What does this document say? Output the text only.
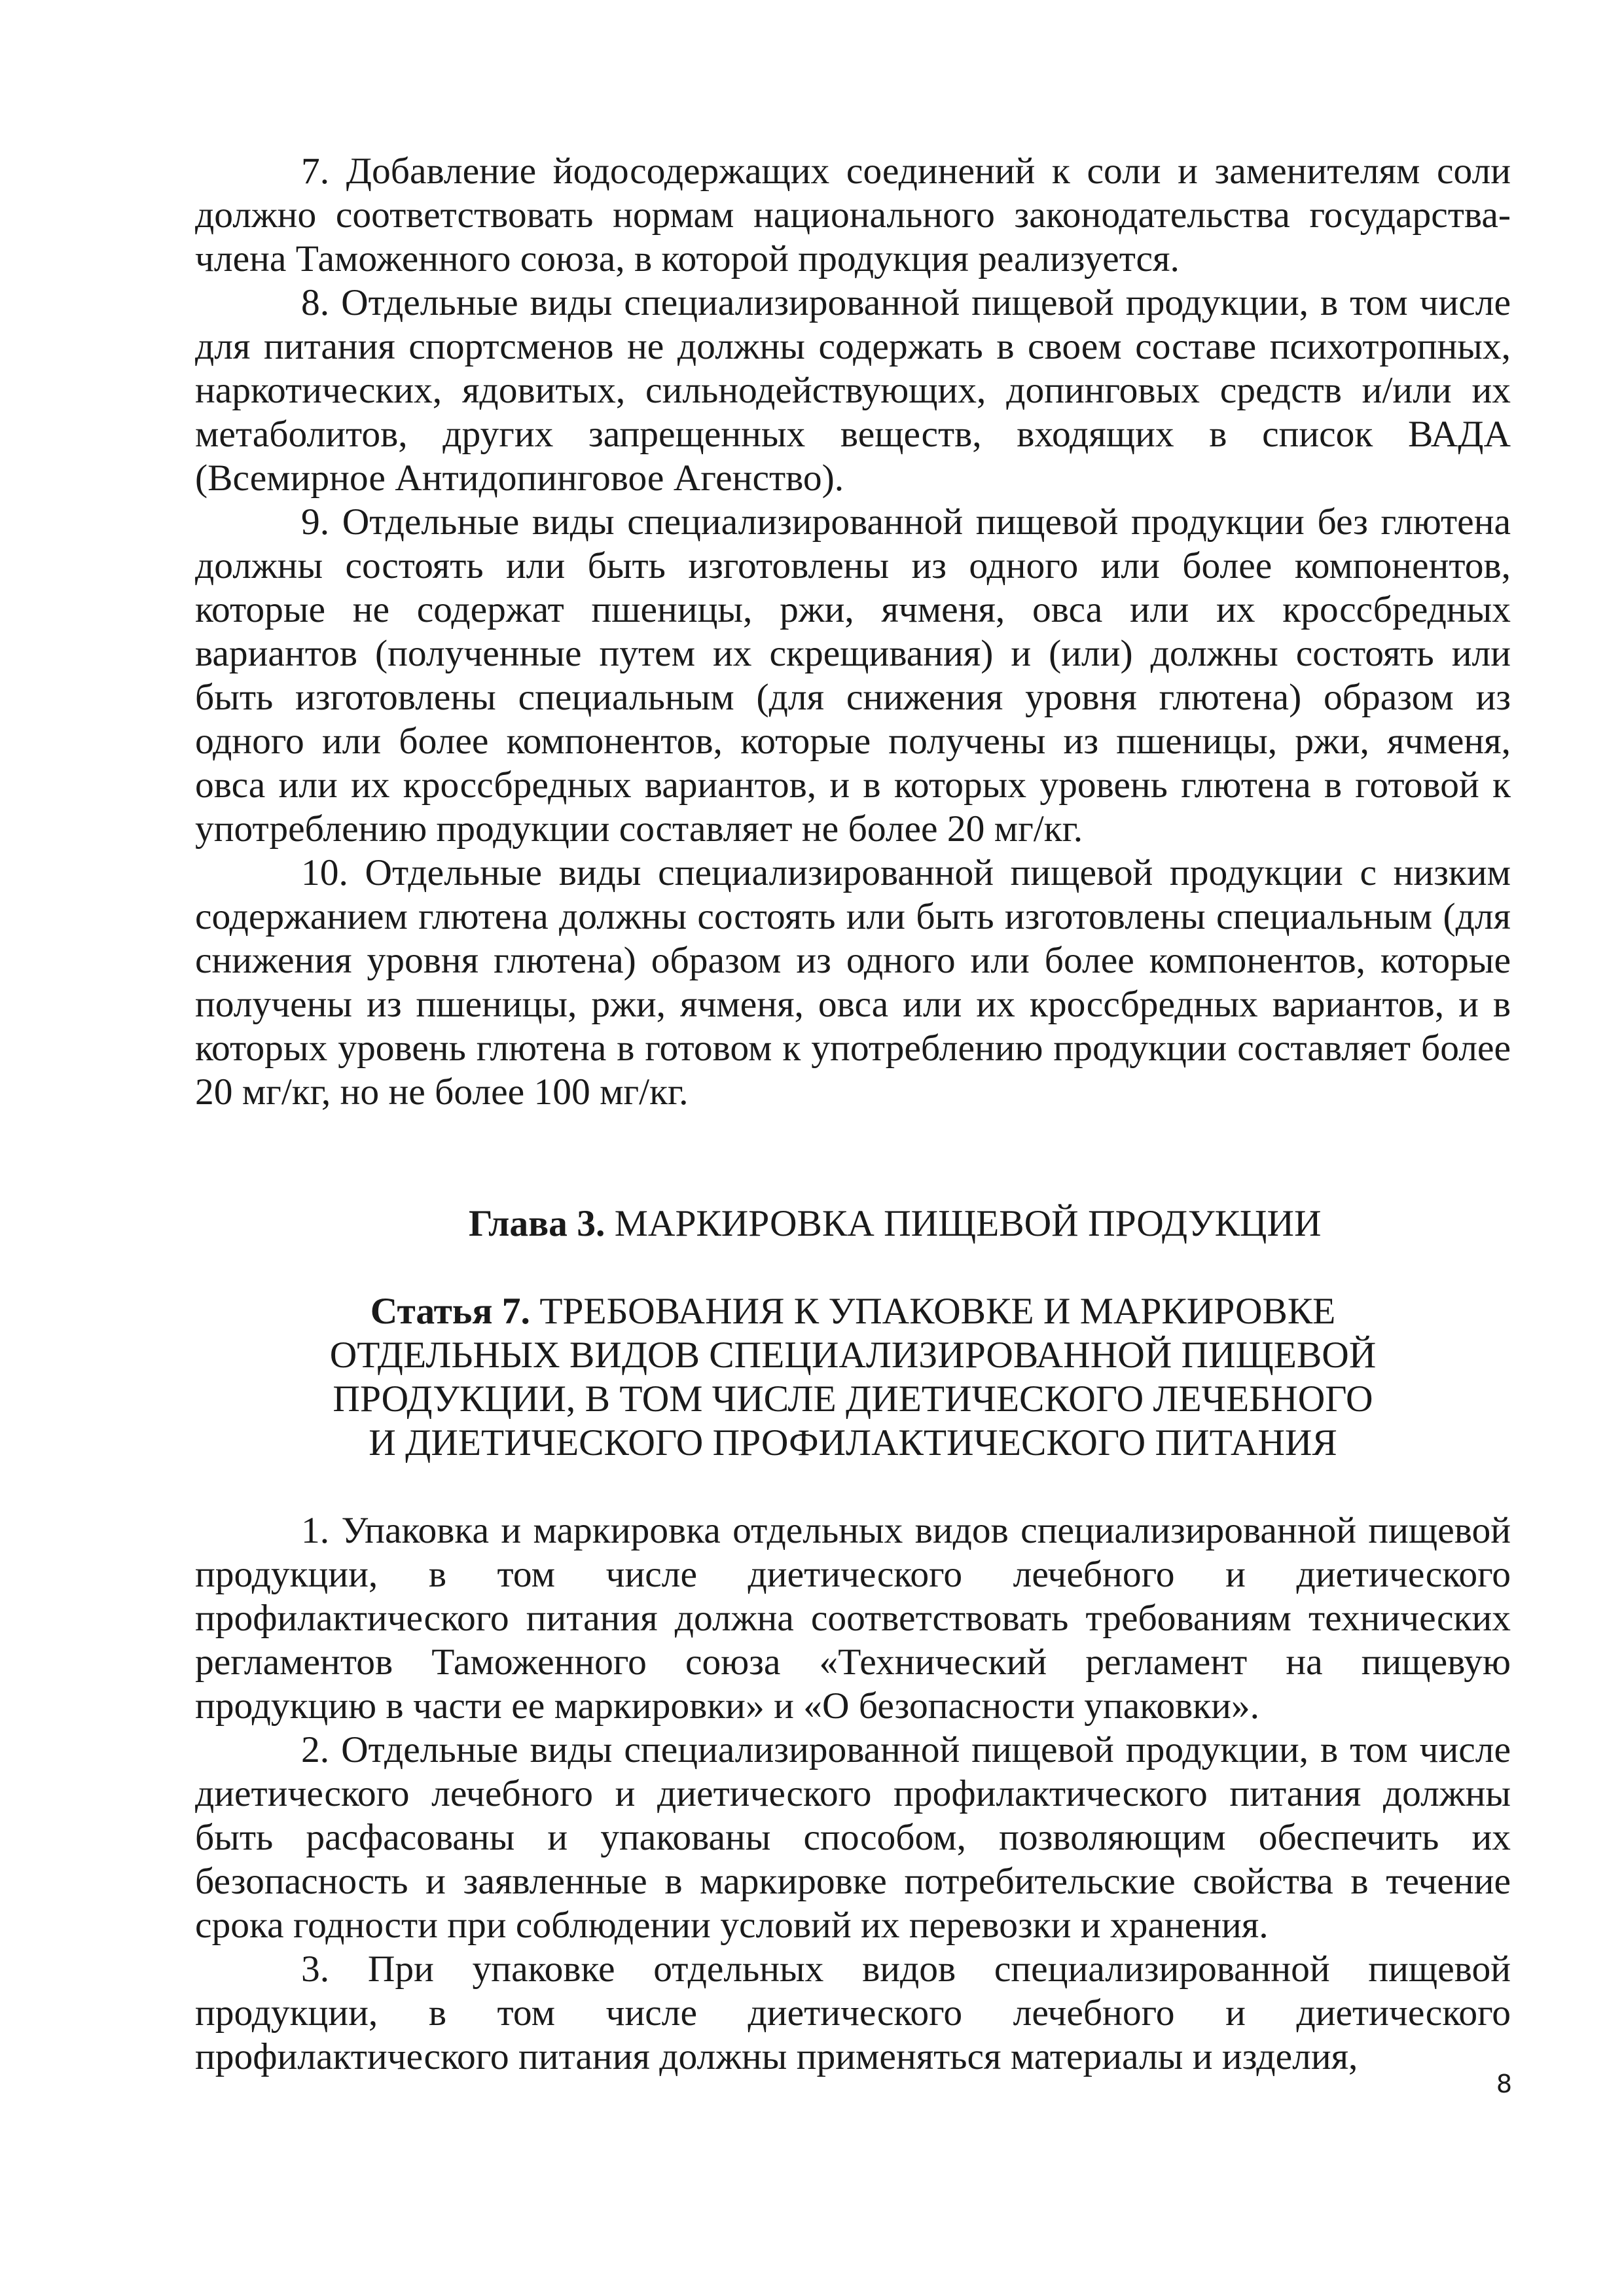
7. Добавление йодосодержащих соединений к соли и заменителям соли должно соответствовать нормам национального законодательства государства-члена Таможенного союза, в которой продукция реализуется.

8. Отдельные виды специализированной пищевой продукции, в том числе для питания спортсменов не должны содержать в своем составе психотропных, наркотических, ядовитых, сильнодействующих, допинговых средств и/или их метаболитов, других запрещенных веществ, входящих в список ВАДА (Всемирное Антидопинговое Агенство).

9. Отдельные виды специализированной пищевой продукции без глютена должны состоять или быть изготовлены из одного или более компонентов, которые не содержат пшеницы, ржи, ячменя, овса или их кроссбредных вариантов (полученные путем их скрещивания) и (или) должны состоять или быть изготовлены специальным (для снижения уровня глютена) образом из одного или более компонентов, которые получены из пшеницы, ржи, ячменя, овса или их кроссбредных вариантов, и в которых уровень глютена в готовой к употреблению продукции составляет не более 20 мг/кг.

10. Отдельные виды специализированной пищевой продукции с низким содержанием глютена должны состоять или быть изготовлены специальным (для снижения уровня глютена) образом из одного или более компонентов, которые получены из пшеницы, ржи, ячменя, овса или их кроссбредных вариантов, и в которых уровень глютена в готовом к употреблению продукции составляет более 20 мг/кг, но не более 100 мг/кг.

Глава 3. МАРКИРОВКА ПИЩЕВОЙ ПРОДУКЦИИ

Статья 7. ТРЕБОВАНИЯ К УПАКОВКЕ И МАРКИРОВКЕ
ОТДЕЛЬНЫХ ВИДОВ СПЕЦИАЛИЗИРОВАННОЙ ПИЩЕВОЙ
ПРОДУКЦИИ, В ТОМ ЧИСЛЕ ДИЕТИЧЕСКОГО ЛЕЧЕБНОГО
И ДИЕТИЧЕСКОГО ПРОФИЛАКТИЧЕСКОГО ПИТАНИЯ

1. Упаковка и маркировка отдельных видов специализированной пищевой продукции, в том числе диетического лечебного и диетического профилактического питания должна соответствовать требованиям технических регламентов Таможенного союза «Технический регламент на пищевую продукцию в части ее маркировки» и «О безопасности упаковки».

2. Отдельные виды специализированной пищевой продукции, в том числе диетического лечебного и диетического профилактического питания должны быть расфасованы и упакованы способом, позволяющим обеспечить их безопасность и заявленные в маркировке потребительские свойства в течение срока годности при соблюдении условий их перевозки и хранения.

3. При упаковке отдельных видов специализированной пищевой продукции, в том числе диетического лечебного и диетического профилактического питания должны применяться материалы и изделия,

8
